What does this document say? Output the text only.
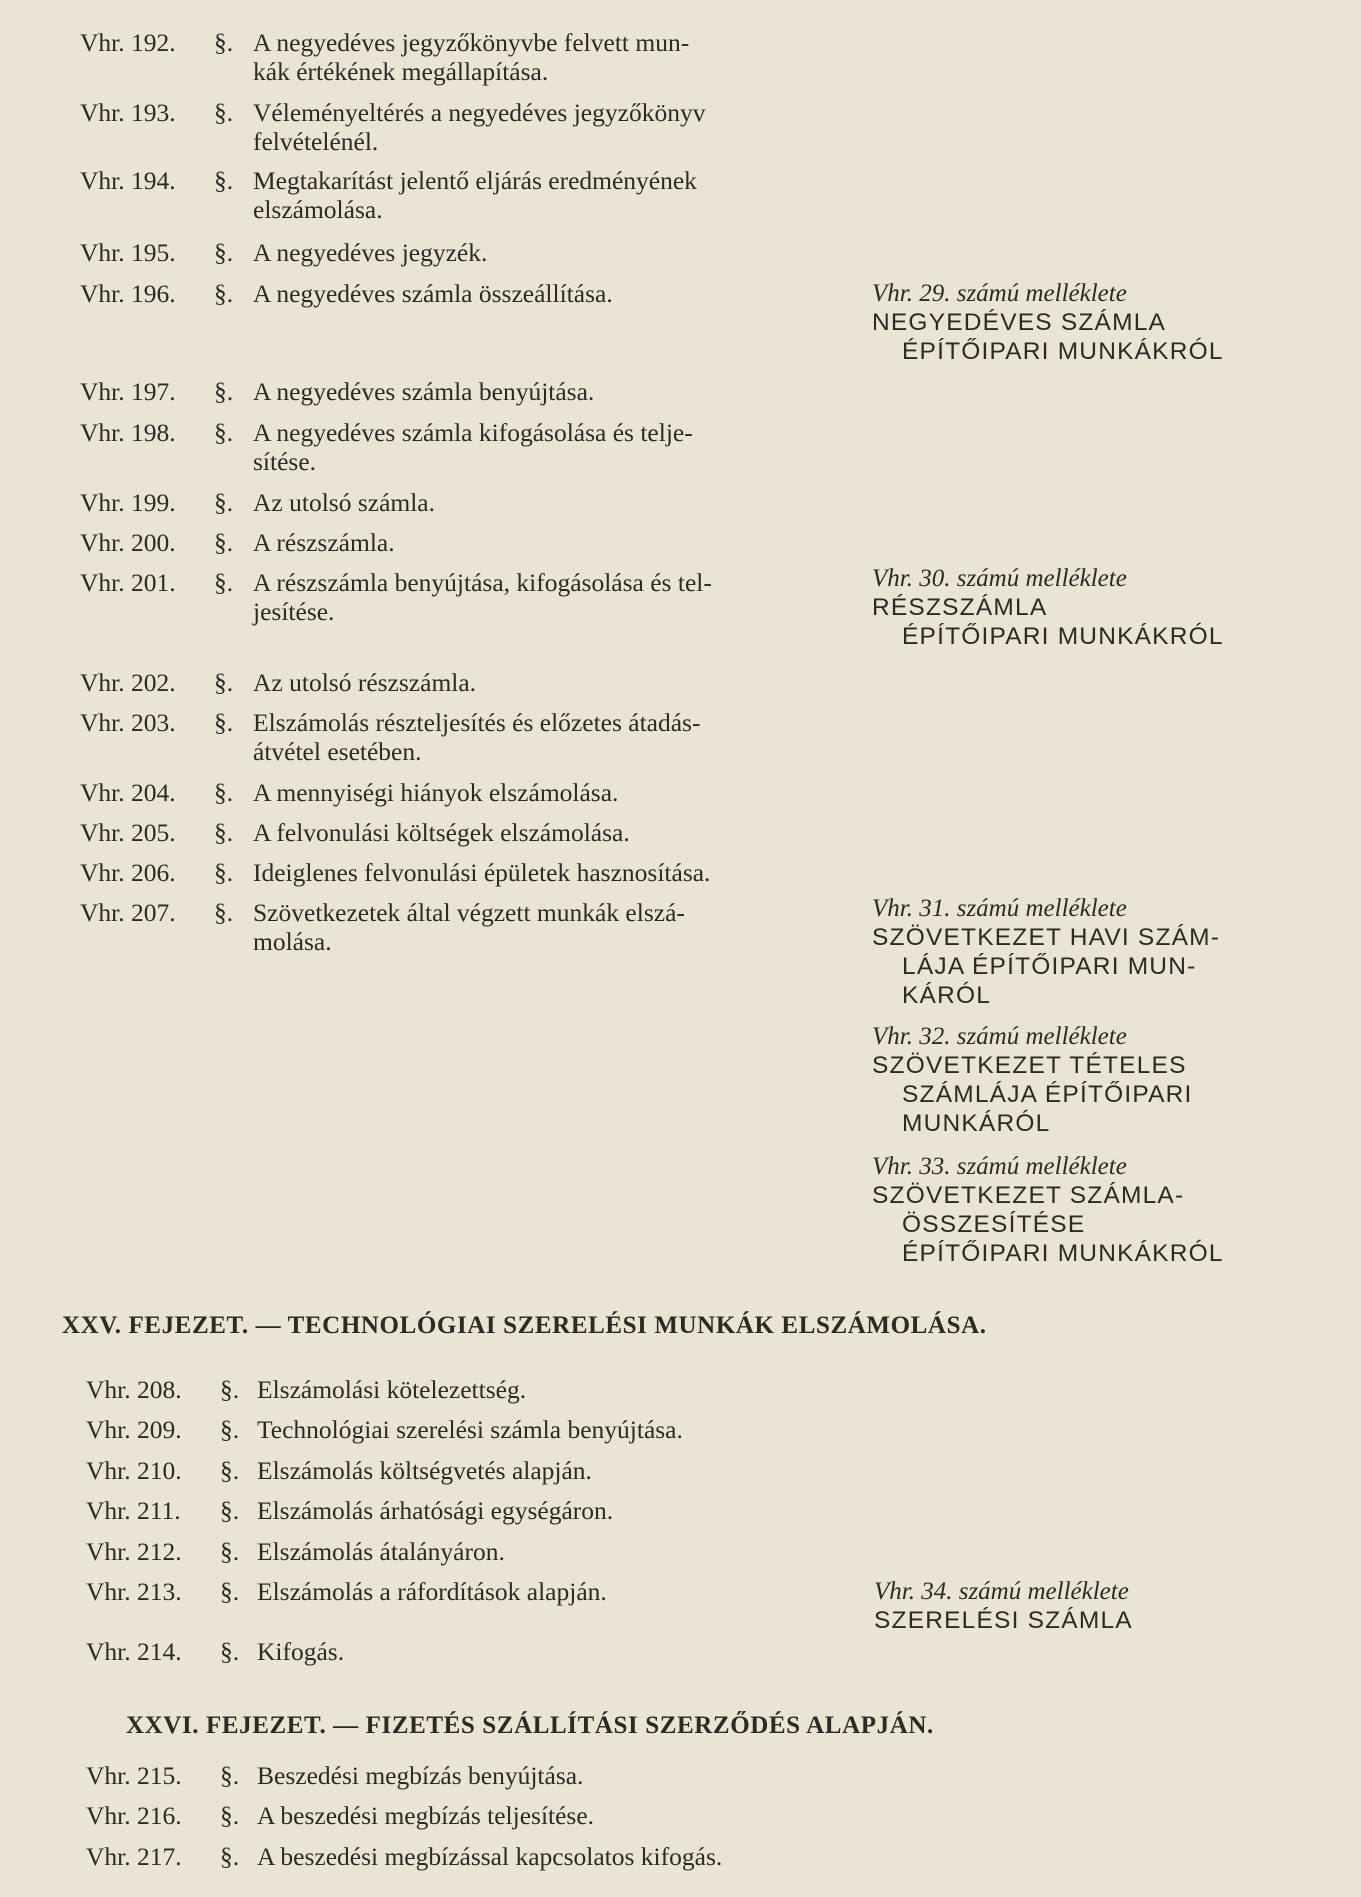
Vhr. 192. §. A negyedéves jegyzőkönyvbe felvett mun-
kák értékének megállapítása.
Vhr. 193. §. Véleményeltérés a negyedéves jegyzőkönyv
felvételénél.
Vhr. 194. §. Megtakarítást jelentő eljárás eredményének
elszámolása.
Vhr. 195. §. A negyedéves jegyzék.
Vhr. 196. §. A negyedéves számla összeállítása.
Vhr. 197. §. A negyedéves számla benyújtása.
Vhr. 198. §. A negyedéves számla kifogásolása és telje-
sítése.
Vhr. 199. §. Az utolsó számla.
Vhr. 200. §. A részszámla.
Vhr. 201. §. A részszámla benyújtása, kifogásolása és tel-
jesítése.
Vhr. 202. §. Az utolsó részszámla.
Vhr. 203. §. Elszámolás részteljesítés és előzetes átadás-
átvétel esetében.
Vhr. 204. §. A mennyiségi hiányok elszámolása.
Vhr. 205. §. A felvonulási költségek elszámolása.
Vhr. 206. §. Ideiglenes felvonulási épületek hasznosítása.
Vhr. 207. §. Szövetkezetek által végzett munkák elszá-
molása.
Vhr. 29. számú melléklete
NEGYEDÉVES SZÁMLA
ÉPÍTŐIPARI MUNKÁKRÓL
Vhr. 30. számú melléklete
RÉSZSZÁMLA
ÉPÍTŐIPARI MUNKÁKRÓL
Vhr. 31. számú melléklete
SZÖVETKEZET HAVI SZÁM-
LÁJA ÉPÍTŐIPARI MUN-
KÁRÓL
Vhr. 32. számú melléklete
SZÖVETKEZET TÉTELES
SZÁMLÁJA ÉPÍTŐIPARI
MUNKÁRÓL
Vhr. 33. számú melléklete
SZÖVETKEZET SZÁMLA-
ÖSSZESÍTÉSE
ÉPÍTŐIPARI MUNKÁKRÓL
XXV. FEJEZET. — TECHNOLÓGIAI SZERELÉSI MUNKÁK ELSZÁMOLÁSA.
Vhr. 208. §. Elszámolási kötelezettség.
Vhr. 209. §. Technológiai szerelési számla benyújtása.
Vhr. 210. §. Elszámolás költségvetés alapján.
Vhr. 211. §. Elszámolás árhatósági egységáron.
Vhr. 212. §. Elszámolás átalányáron.
Vhr. 213. §. Elszámolás a ráfordítások alapján.
Vhr. 214. §. Kifogás.
Vhr. 34. számú melléklete
SZERELÉSI SZÁMLA
XXVI. FEJEZET. — FIZETÉS SZÁLLÍTÁSI SZERZŐDÉS ALAPJÁN.
Vhr. 215. §. Beszedési megbízás benyújtása.
Vhr. 216. §. A beszedési megbízás teljesítése.
Vhr. 217. §. A beszedési megbízással kapcsolatos kifogás.
